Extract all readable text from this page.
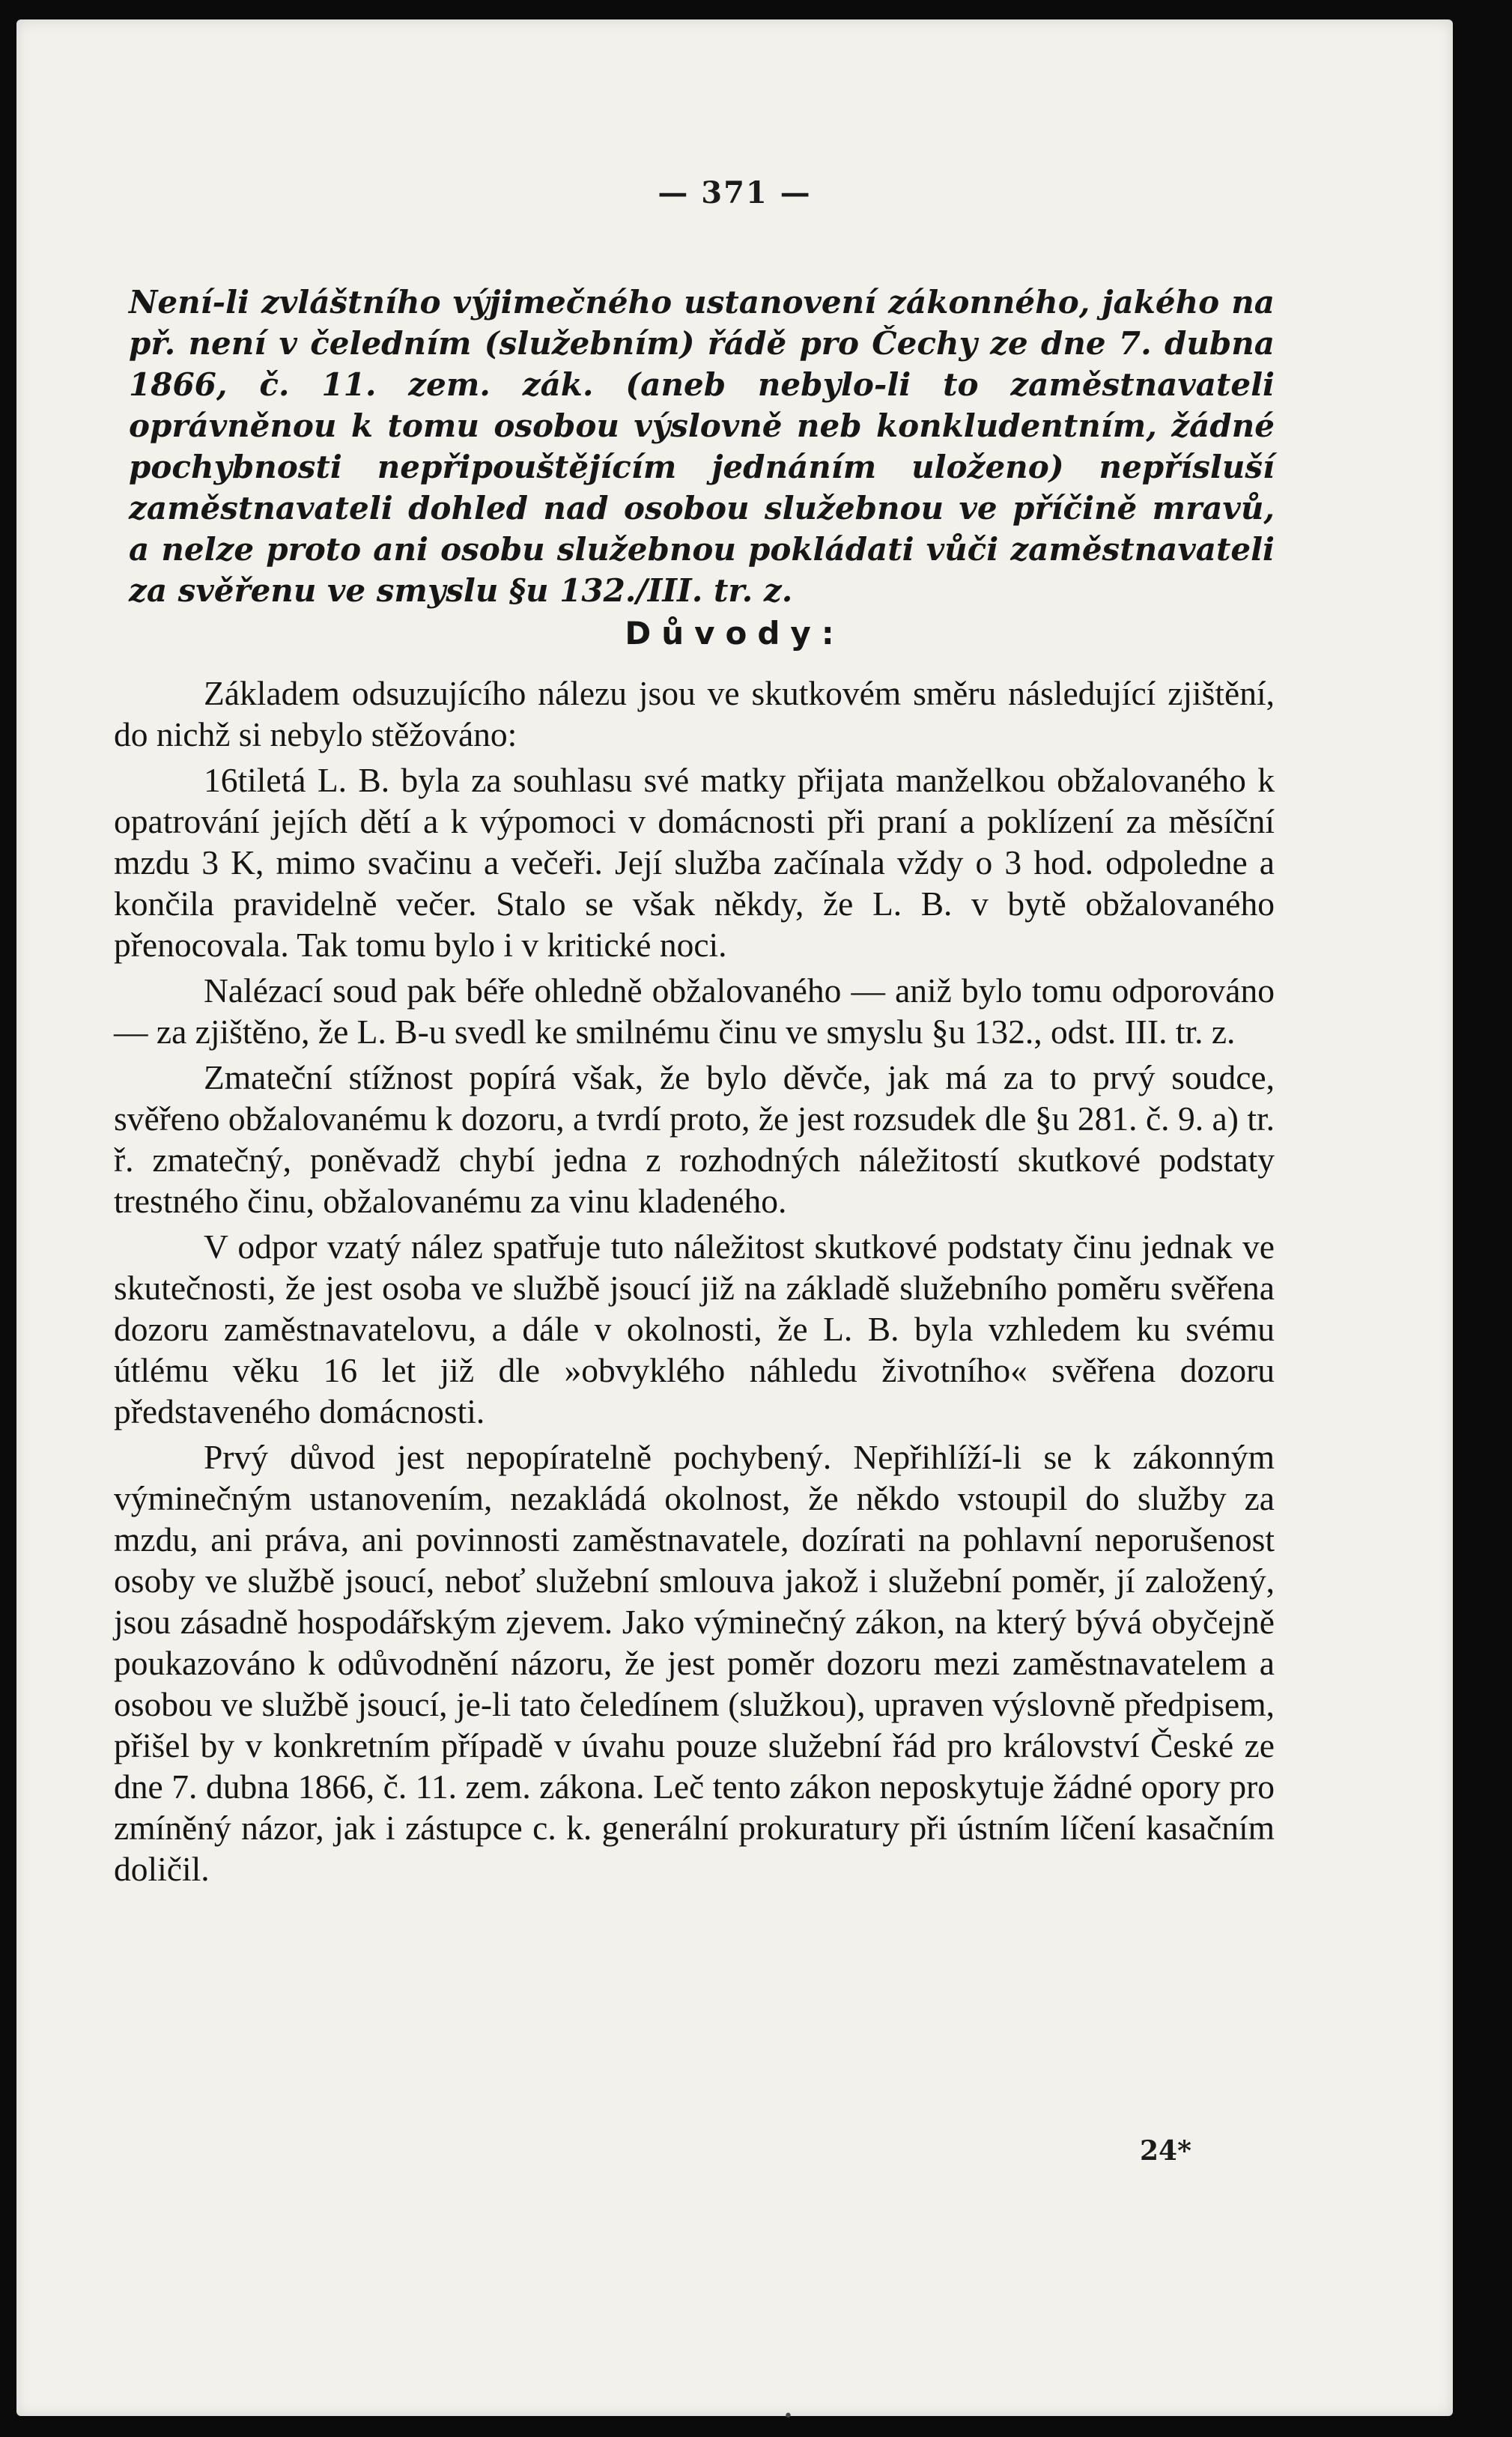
— 371 —
Není-li zvláštního výjimečného ustanovení zákonného, jakého na př. není v čeledním (služebním) řádě pro Čechy ze dne 7. dubna 1866, č. 11. zem. zák. (aneb nebylo-li to zaměstnavateli oprávněnou k tomu osobou výslovně neb konkludentním, žádné pochybnosti nepřipouštějícím jednáním uloženo) nepřísluší zaměstnavateli dohled nad osobou služebnou ve příčině mravů, a nelze proto ani osobu služebnou pokládati vůči zaměstnavateli za svěřenu ve smyslu §u 132./III. tr. z.
Důvody:

Základem odsuzujícího nálezu jsou ve skutkovém směru následující zjištění, do nichž si nebylo stěžováno:

16tiletá L. B. byla za souhlasu své matky přijata manželkou obžalovaného k opatrování jejích dětí a k výpomoci v domácnosti při praní a poklízení za měsíční mzdu 3 K, mimo svačinu a večeři. Její služba začínala vždy o 3 hod. odpoledne a končila pravidelně večer. Stalo se však někdy, že L. B. v bytě obžalovaného přenocovala. Tak tomu bylo i v kritické noci.

Nalézací soud pak béře ohledně obžalovaného — aniž bylo tomu odporováno — za zjištěno, že L. B-u svedl ke smilnému činu ve smyslu §u 132., odst. III. tr. z.

Zmateční stížnost popírá však, že bylo děvče, jak má za to prvý soudce, svěřeno obžalovanému k dozoru, a tvrdí proto, že jest rozsudek dle §u 281. č. 9. a) tr. ř. zmatečný, poněvadž chybí jedna z rozhodných náležitostí skutkové podstaty trestného činu, obžalovanému za vinu kladeného.

V odpor vzatý nález spatřuje tuto náležitost skutkové podstaty činu jednak ve skutečnosti, že jest osoba ve službě jsoucí již na základě služebního poměru svěřena dozoru zaměstnavatelovu, a dále v okolnosti, že L. B. byla vzhledem ku svému útlému věku 16 let již dle »obvyklého náhledu životního« svěřena dozoru představeného domácnosti.

Prvý důvod jest nepopíratelně pochybený. Nepřihlíží-li se k zákonným výminečným ustanovením, nezakládá okolnost, že někdo vstoupil do služby za mzdu, ani práva, ani povinnosti zaměstnavatele, dozírati na pohlavní neporušenost osoby ve službě jsoucí, neboť služební smlouva jakož i služební poměr, jí založený, jsou zásadně hospodářským zjevem. Jako výminečný zákon, na který bývá obyčejně poukazováno k odůvodnění názoru, že jest poměr dozoru mezi zaměstnavatelem a osobou ve službě jsoucí, je-li tato čeledínem (služkou), upraven výslovně předpisem, přišel by v konkretním případě v úvahu pouze služební řád pro království České ze dne 7. dubna 1866, č. 11. zem. zákona. Leč tento zákon neposkytuje žádné opory pro zmíněný názor, jak i zástupce c. k. generální prokuratury při ústním líčení kasačním doličil.

24*
•
